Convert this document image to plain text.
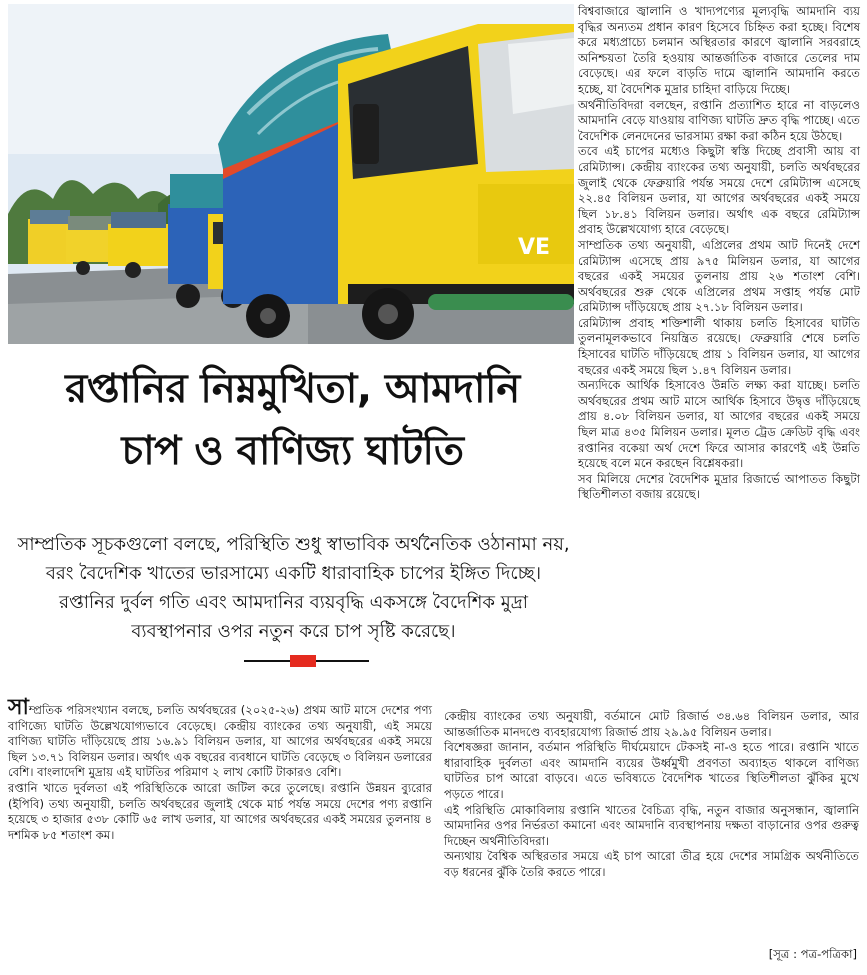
VE
রপ্তানির নিম্নমুখিতা, আমদানি
চাপ ও বাণিজ্য ঘাটতি
সাম্প্রতিক সূচকগুলো বলছে, পরিস্থিতি শুধু স্বাভাবিক অর্থনৈতিক ওঠানামা নয়, বরং বৈদেশিক খাতের ভারসাম্যে একটি ধারাবাহিক চাপের ইঙ্গিত দিচ্ছে। রপ্তানির দুর্বল গতি এবং আমদানির ব্যয়বৃদ্ধি একসঙ্গে বৈদেশিক মুদ্রা ব্যবস্থাপনার ওপর নতুন করে চাপ সৃষ্টি করেছে।

বিশ্ববাজারে জ্বালানি ও খাদ্যপণ্যের মূল্যবৃদ্ধি আমদানি ব্যয় বৃদ্ধির অন্যতম প্রধান কারণ হিসেবে চিহ্নিত করা হচ্ছে। বিশেষ করে মধ্যপ্রাচ্যে চলমান অস্থিরতার কারণে জ্বালানি সরবরাহে অনিশ্চয়তা তৈরি হওয়ায় আন্তর্জাতিক বাজারে তেলের দাম বেড়েছে। এর ফলে বাড়তি দামে জ্বালানি আমদানি করতে হচ্ছে, যা বৈদেশিক মুদ্রার চাহিদা বাড়িয়ে দিচ্ছে।

অর্থনীতিবিদরা বলছেন, রপ্তানি প্রত্যাশিত হারে না বাড়লেও আমদানি বেড়ে যাওয়ায় বাণিজ্য ঘাটতি দ্রুত বৃদ্ধি পাচ্ছে। এতে বৈদেশিক লেনদেনের ভারসাম্য রক্ষা করা কঠিন হয়ে উঠছে।

তবে এই চাপের মধ্যেও কিছুটা স্বস্তি দিচ্ছে প্রবাসী আয় বা রেমিট্যান্স। কেন্দ্রীয় ব্যাংকের তথ্য অনুযায়ী, চলতি অর্থবছরের জুলাই থেকে ফেব্রুয়ারি পর্যন্ত সময়ে দেশে রেমিট্যান্স এসেছে ২২.৪৫ বিলিয়ন ডলার, যা আগের অর্থবছরের একই সময়ে ছিল ১৮.৪১ বিলিয়ন ডলার। অর্থাৎ এক বছরে রেমিট্যান্স প্রবাহ উল্লেখযোগ্য হারে বেড়েছে।

সাম্প্রতিক তথ্য অনুযায়ী, এপ্রিলের প্রথম আট দিনেই দেশে রেমিট্যান্স এসেছে প্রায় ৯৭৫ মিলিয়ন ডলার, যা আগের বছরের একই সময়ের তুলনায় প্রায় ২৬ শতাংশ বেশি। অর্থবছরের শুরু থেকে এপ্রিলের প্রথম সপ্তাহ পর্যন্ত মোট রেমিট্যান্স দাঁড়িয়েছে প্রায় ২৭.১৮ বিলিয়ন ডলার।

রেমিট্যান্স প্রবাহ শক্তিশালী থাকায় চলতি হিসাবের ঘাটতি তুলনামূলকভাবে নিয়ন্ত্রিত রয়েছে। ফেব্রুয়ারি শেষে চলতি হিসাবের ঘাটতি দাঁড়িয়েছে প্রায় ১ বিলিয়ন ডলার, যা আগের বছরের একই সময়ে ছিল ১.৪৭ বিলিয়ন ডলার।

অন্যদিকে আর্থিক হিসাবেও উন্নতি লক্ষ্য করা যাচ্ছে। চলতি অর্থবছরের প্রথম আট মাসে আর্থিক হিসাবে উদ্বৃত্ত দাঁড়িয়েছে প্রায় ৪.০৮ বিলিয়ন ডলার, যা আগের বছরের একই সময়ে ছিল মাত্র ৪৩৫ মিলিয়ন ডলার। মূলত ট্রেড ক্রেডিট বৃদ্ধি এবং রপ্তানির বকেয়া অর্থ দেশে ফিরে আসার কারণেই এই উন্নতি হয়েছে বলে মনে করছেন বিশ্লেষকরা।

সব মিলিয়ে দেশের বৈদেশিক মুদ্রার রিজার্ভে আপাতত কিছুটা স্থিতিশীলতা বজায় রয়েছে।

সাম্প্রতিক পরিসংখ্যান বলছে, চলতি অর্থবছরের (২০২৫-২৬) প্রথম আট মাসে দেশের পণ্য বাণিজ্যে ঘাটতি উল্লেখযোগ্যভাবে বেড়েছে। কেন্দ্রীয় ব্যাংকের তথ্য অনুযায়ী, এই সময়ে বাণিজ্য ঘাটতি দাঁড়িয়েছে প্রায় ১৬.৯১ বিলিয়ন ডলার, যা আগের অর্থবছরের একই সময়ে ছিল ১৩.৭১ বিলিয়ন ডলার। অর্থাৎ এক বছরের ব্যবধানে ঘাটতি বেড়েছে ৩ বিলিয়ন ডলারের বেশি। বাংলাদেশি মুদ্রায় এই ঘাটতির পরিমাণ ২ লাখ কোটি টাকারও বেশি।

রপ্তানি খাতে দুর্বলতা এই পরিস্থিতিকে আরো জটিল করে তুলেছে। রপ্তানি উন্নয়ন ব্যুরোর (ইপিবি) তথ্য অনুযায়ী, চলতি অর্থবছরের জুলাই থেকে মার্চ পর্যন্ত সময়ে দেশের পণ্য রপ্তানি হয়েছে ৩ হাজার ৫৩৮ কোটি ৬৫ লাখ ডলার, যা আগের অর্থবছরের একই সময়ের তুলনায় ৪ দশমিক ৮৫ শতাংশ কম।

কেন্দ্রীয় ব্যাংকের তথ্য অনুযায়ী, বর্তমানে মোট রিজার্ভ ৩৪.৬৪ বিলিয়ন ডলার, আর আন্তর্জাতিক মানদণ্ডে ব্যবহারযোগ্য রিজার্ভ প্রায় ২৯.৯৫ বিলিয়ন ডলার।

বিশেষজ্ঞরা জানান, বর্তমান পরিস্থিতি দীর্ঘমেয়াদে টেকসই না-ও হতে পারে। রপ্তানি খাতে ধারাবাহিক দুর্বলতা এবং আমদানি ব্যয়ের উর্ধ্বমুখী প্রবণতা অব্যাহত থাকলে বাণিজ্য ঘাটতির চাপ আরো বাড়বে। এতে ভবিষ্যতে বৈদেশিক খাতের স্থিতিশীলতা ঝুঁকির মুখে পড়তে পারে।

এই পরিস্থিতি মোকাবিলায় রপ্তানি খাতের বৈচিত্র্য বৃদ্ধি, নতুন বাজার অনুসন্ধান, জ্বালানি আমদানির ওপর নির্ভরতা কমানো এবং আমদানি ব্যবস্থাপনায় দক্ষতা বাড়ানোর ওপর গুরুত্ব দিচ্ছেন অর্থনীতিবিদরা।

অন্যথায় বৈশ্বিক অস্থিরতার সময়ে এই চাপ আরো তীব্র হয়ে দেশের সামগ্রিক অর্থনীতিতে বড় ধরনের ঝুঁকি তৈরি করতে পারে।

[সূত্র : পত্র-পত্রিকা]
